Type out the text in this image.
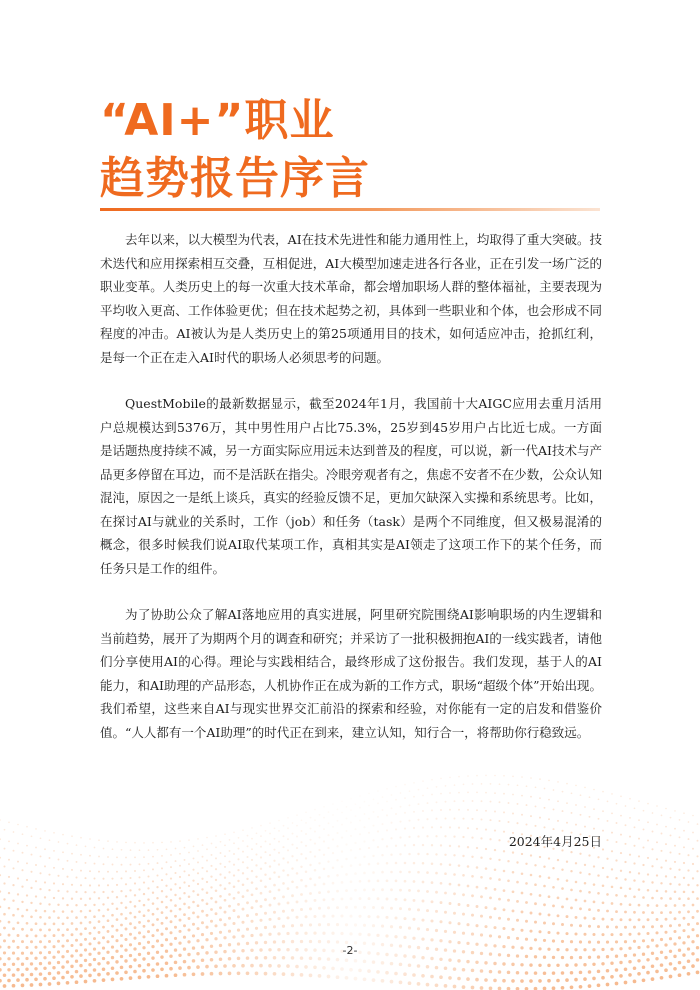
“AI+”职业
趋势报告序言

去年以来，以大模型为代表，AI在技术先进性和能力通用性上，均取得了重大突破。技术迭代和应用探索相互交叠，互相促进，AI大模型加速走进各行各业，正在引发一场广泛的职业变革。人类历史上的每一次重大技术革命，都会增加职场人群的整体福祉，主要表现为平均收入更高、工作体验更优；但在技术起势之初，具体到一些职业和个体，也会形成不同程度的冲击。AI被认为是人类历史上的第25项通用目的技术，如何适应冲击，抢抓红利，是每一个正在走入AI时代的职场人必须思考的问题。

QuestMobile的最新数据显示，截至2024年1月，我国前十大AIGC应用去重月活用户总规模达到5376万，其中男性用户占比75.3%，25岁到45岁用户占比近七成。一方面是话题热度持续不减，另一方面实际应用远未达到普及的程度，可以说，新一代AI技术与产品更多停留在耳边，而不是活跃在指尖。冷眼旁观者有之，焦虑不安者不在少数，公众认知混沌，原因之一是纸上谈兵，真实的经验反馈不足，更加欠缺深入实操和系统思考。比如，在探讨AI与就业的关系时，工作（job）和任务（task）是两个不同维度，但又极易混淆的概念，很多时候我们说AI取代某项工作，真相其实是AI领走了这项工作下的某个任务，而任务只是工作的组件。

为了协助公众了解AI落地应用的真实进展，阿里研究院围绕AI影响职场的内生逻辑和当前趋势，展开了为期两个月的调查和研究；并采访了一批积极拥抱AI的一线实践者，请他们分享使用AI的心得。理论与实践相结合，最终形成了这份报告。我们发现，基于人的AI能力，和AI助理的产品形态，人机协作正在成为新的工作方式，职场“超级个体”开始出现。我们希望，这些来自AI与现实世界交汇前沿的探索和经验，对你能有一定的启发和借鉴价值。“人人都有一个AI助理”的时代正在到来，建立认知，知行合一，将帮助你行稳致远。

2024年4月25日
-2-
